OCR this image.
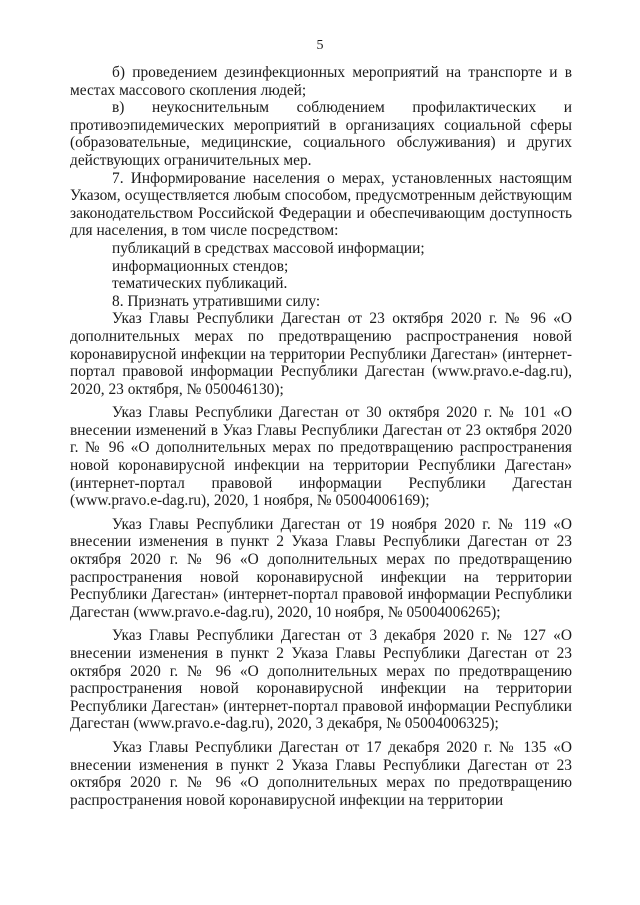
5

б) проведением дезинфекционных мероприятий на транспорте и в местах массового скопления людей;

в) неукоснительным соблюдением профилактических и противоэпидемических мероприятий в организациях социальной сферы (образовательные, медицинские, социального обслуживания) и других действующих ограничительных мер.

7. Информирование населения о мерах, установленных настоящим Указом, осуществляется любым способом, предусмотренным действующим законодательством Российской Федерации и обеспечивающим доступность для населения, в том числе посредством:

публикаций в средствах массовой информации;

информационных стендов;

тематических публикаций.

8. Признать утратившими силу:

Указ Главы Республики Дагестан от 23 октября 2020 г. № 96 «О дополнительных мерах по предотвращению распространения новой коронавирусной инфекции на территории Республики Дагестан» (интернет-портал правовой информации Республики Дагестан (www.pravo.e-dag.ru), 2020, 23 октября, № 050046130);

Указ Главы Республики Дагестан от 30 октября 2020 г. № 101 «О внесении изменений в Указ Главы Республики Дагестан от 23 октября 2020 г. № 96 «О дополнительных мерах по предотвращению распространения новой коронавирусной инфекции на территории Республики Дагестан» (интернет-портал правовой информации Республики Дагестан (www.pravo.e-dag.ru), 2020, 1 ноября, № 05004006169);

Указ Главы Республики Дагестан от 19 ноября 2020 г. № 119 «О внесении изменения в пункт 2 Указа Главы Республики Дагестан от 23 октября 2020 г. № 96 «О дополнительных мерах по предотвращению распространения новой коронавирусной инфекции на территории Республики Дагестан» (интернет-портал правовой информации Республики Дагестан (www.pravo.e-dag.ru), 2020, 10 ноября, № 05004006265);

Указ Главы Республики Дагестан от 3 декабря 2020 г. № 127 «О внесении изменения в пункт 2 Указа Главы Республики Дагестан от 23 октября 2020 г. № 96 «О дополнительных мерах по предотвращению распространения новой коронавирусной инфекции на территории Республики Дагестан» (интернет-портал правовой информации Республики Дагестан (www.pravo.e-dag.ru), 2020, 3 декабря, № 05004006325);

Указ Главы Республики Дагестан от 17 декабря 2020 г. № 135 «О внесении изменения в пункт 2 Указа Главы Республики Дагестан от 23 октября 2020 г. № 96 «О дополнительных мерах по предотвращению распространения новой коронавирусной инфекции на территории
